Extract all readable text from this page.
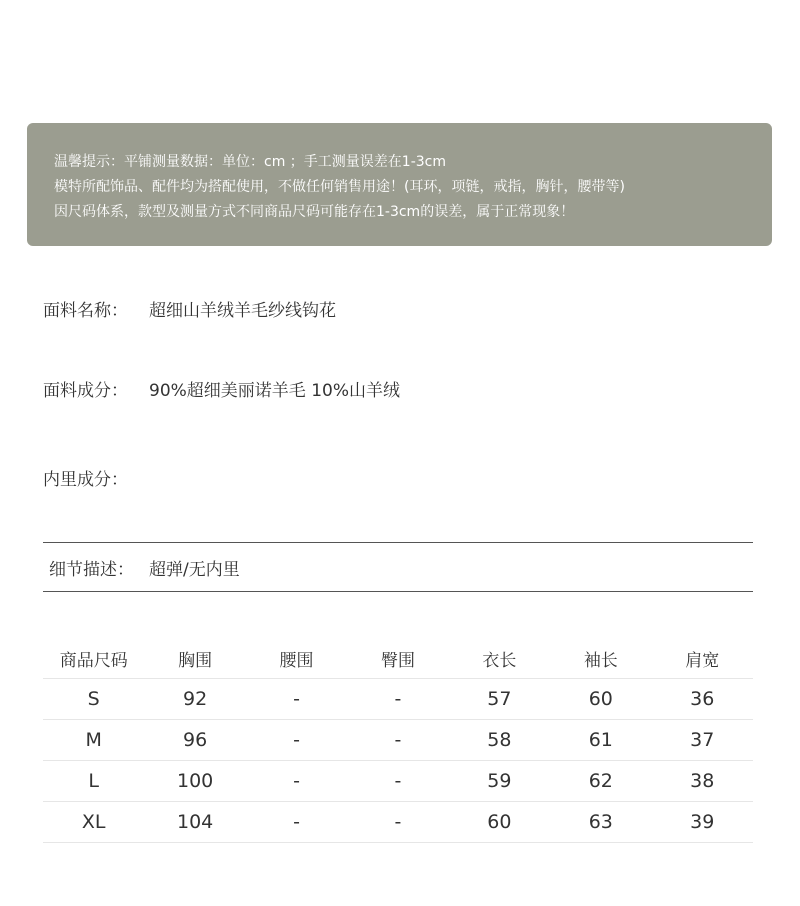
温馨提示：平铺测量数据：单位：cm ；手工测量误差在1-3cm
模特所配饰品、配件均为搭配使用，不做任何销售用途！(耳环，项链，戒指，胸针，腰带等)
因尺码体系，款型及测量方式不同商品尺码可能存在1-3cm的误差，属于正常现象！
面料名称： 超细山羊绒羊毛纱线钩花
面料成分： 90%超细美丽诺羊毛 10%山羊绒
内里成分：
细节描述： 超弹/无内里
商品尺码	胸围	腰围	臀围	衣长	袖长	肩宽
S	92	-	-	57	60	36
M	96	-	-	58	61	37
L	100	-	-	59	62	38
XL	104	-	-	60	63	39
